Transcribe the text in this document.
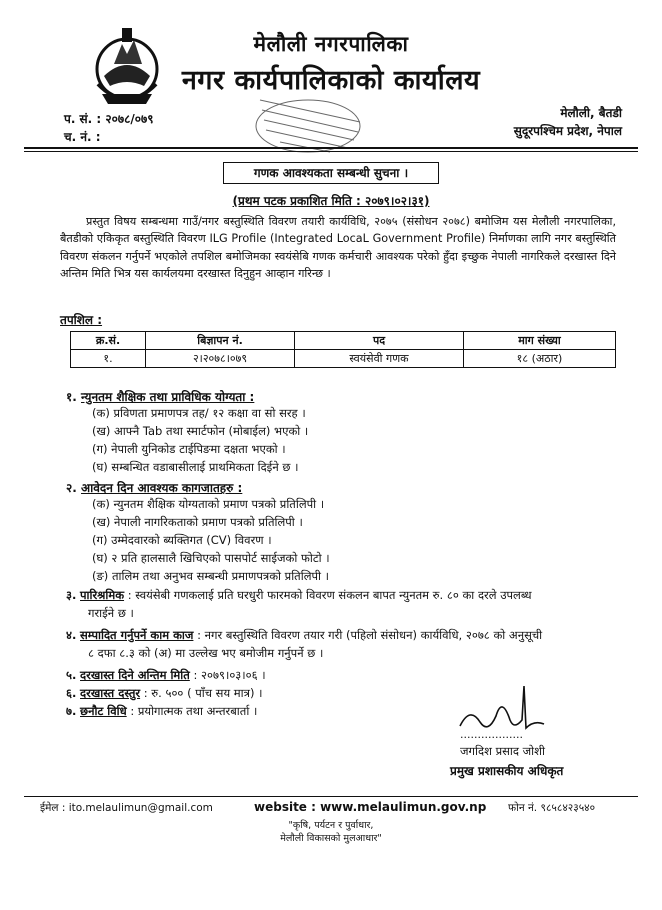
मेलौली नगरपालिका
नगर कार्यपालिकाको कार्यालय
प. सं. : २०७८/०७९
च. नं. :
मेलौली, बैतडी
सुदूरपश्चिम प्रदेश, नेपाल
गणक आवश्यकता सम्बन्धी सुचना ।
(प्रथम पटक प्रकाशित मिति : २०७९।०२।३१)

प्रस्तुत विषय सम्बन्धमा गाउँ/नगर बस्तुस्थिति विवरण तयारी कार्यविधि, २०७५ (संसोधन २०७८) बमोजिम यस मेलौली नगरपालिका, बैतडीको एकिकृत बस्तुस्थिति विवरण ILG Profile (Integrated LocaL Government Profile) निर्माणका लागि नगर बस्तुस्थिति विवरण संकलन गर्नुपर्ने भएकोले तपशिल बमोजिमका स्वयंसेबि गणक कर्मचारी आवश्यक परेको हुँदा इच्छुक नेपाली नागरिकले दरखास्त दिने अन्तिम मिति भित्र यस कार्यलयमा दरखास्त दिनुहुन आव्हान गरिन्छ ।

तपशिल :
क्र.सं.	बिज्ञापन नं.	पद	माग संख्या
१.	२।२०७८।०७९	स्वयंसेवी गणक	१८ (अठार)
१. न्युनतम शैक्षिक तथा प्राविधिक योग्यता :
(क) प्रविणता प्रमाणपत्र तह/ १२ कक्षा वा सो सरह ।
(ख) आफ्नै Tab तथा स्मार्टफोन (मोबाईल) भएको ।
(ग) नेपाली युनिकोड टाईपिङमा दक्षता भएको ।
(घ) सम्बन्धित वडाबासीलाई प्राथमिकता दिईने छ ।
२. आवेदन दिन आवश्यक कागजातहरु :
(क) न्युनतम शैक्षिक योग्यताको प्रमाण पत्रको प्रतिलिपी ।
(ख) नेपाली नागरिकताको प्रमाण पत्रको प्रतिलिपी ।
(ग) उम्मेदवारको ब्यक्तिगत (CV) विवरण ।
(घ) २ प्रति हालसालै खिचिएको पासपोर्ट साईजको फोटो ।
(ङ) तालिम तथा अनुभव सम्बन्धी प्रमाणपत्रको प्रतिलिपी ।
३. पारिश्रमिक : स्वयंसेबी गणकलाई प्रति घरधुरी फारमको विवरण संकलन बापत न्युनतम रु. ८० का दरले उपलब्ध
गराईने छ ।
४. सम्पादित गर्नुपर्ने काम काज : नगर बस्तुस्थिति विवरण तयार गरी (पहिलो संसोधन) कार्यविधि, २०७८ को अनुसूची
८ दफा ८.३ को (अ) मा उल्लेख भए बमोजीम गर्नुपर्ने छ ।
५. दरखास्त दिने अन्तिम मिति : २०७९।०३।०६ ।
६. दरखास्त दस्तुर : रु. ५०० ( पाँच सय मात्र) ।
७. छनौट विधि : प्रयोगात्मक तथा अन्तरबार्ता ।
..................
जगदिश प्रसाद जोशी
प्रमुख प्रशासकीय अधिकृत
ईमेल : ito.melaulimun@gmail.com	website : www.melaulimun.gov.np फोन नं. ९८५८४२३५४०
"कृषि, पर्यटन र पुर्वाधार,
मेलौली विकासको मुलआधार"
